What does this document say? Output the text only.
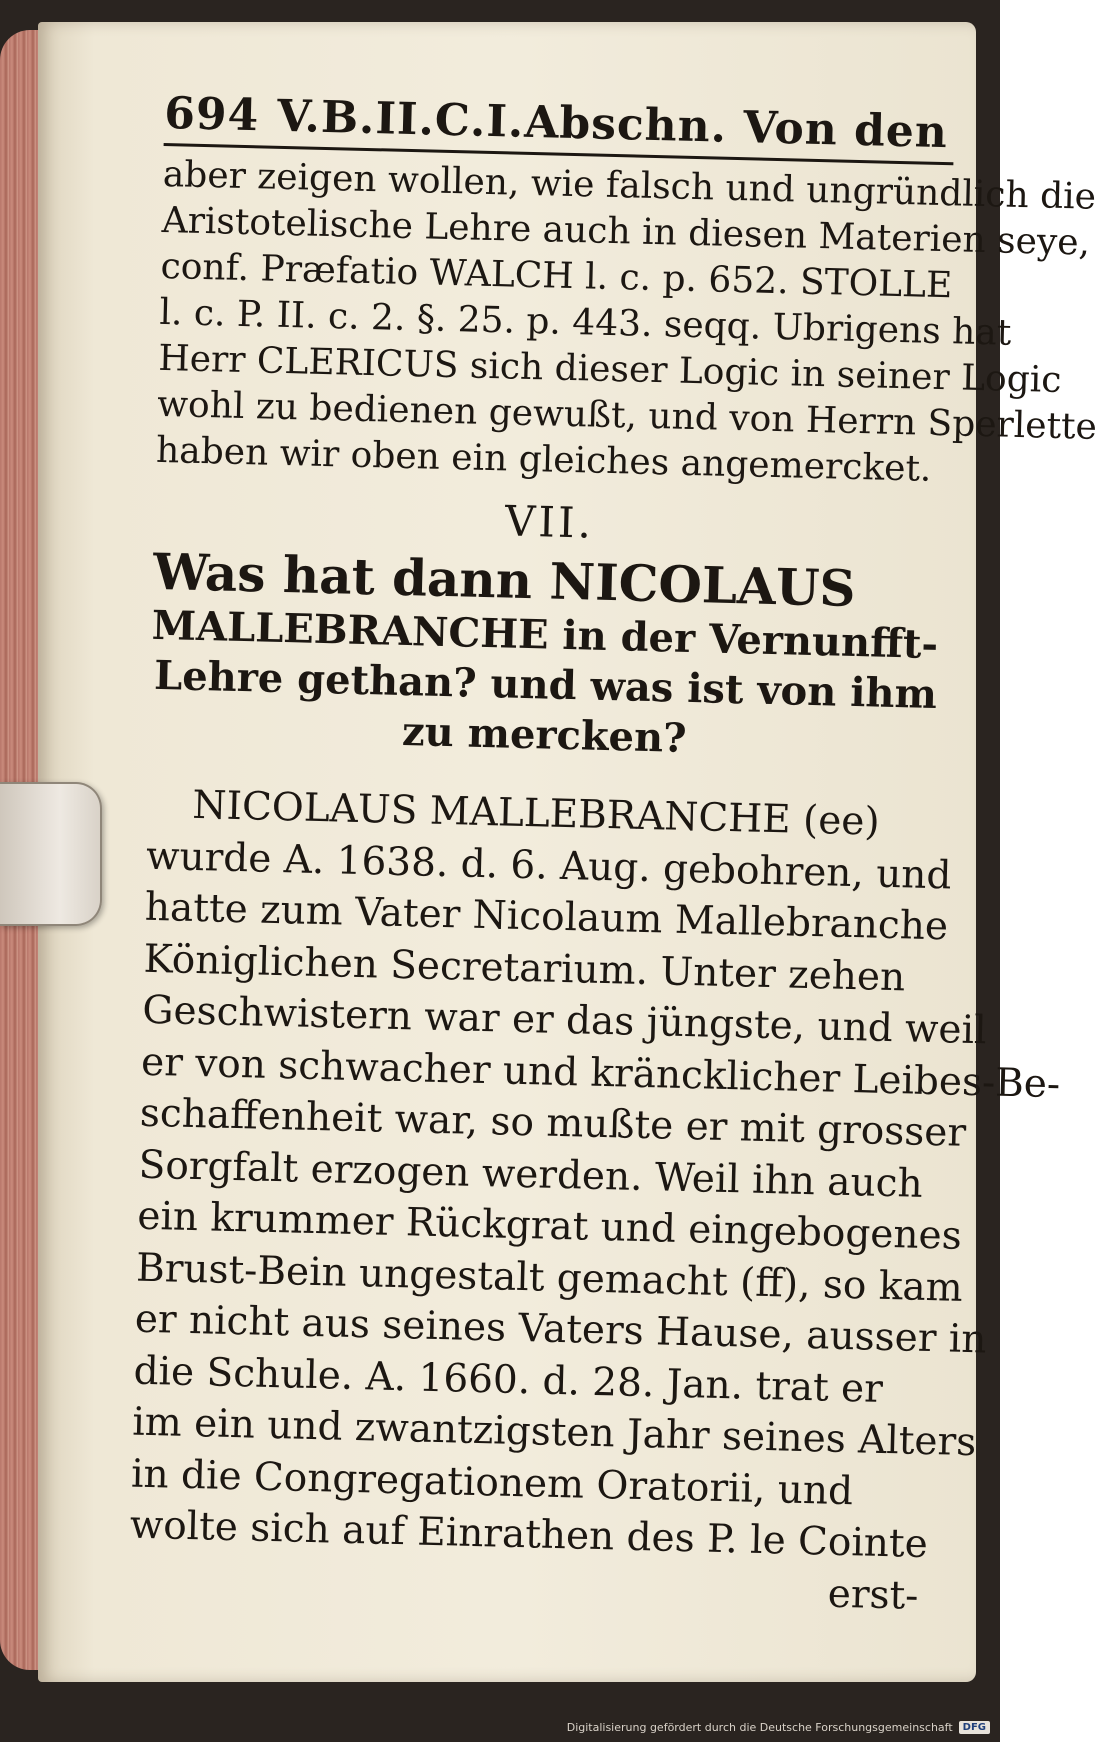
694 V.B.II.C.I.Abschn. Von den
aber zeigen wollen, wie falsch und ungründlich die
Aristotelische Lehre auch in diesen Materien seye,
conf. Præfatio WALCH l. c. p. 652. STOLLE
l. c. P. II. c. 2. §. 25. p. 443. seqq. Ubrigens hat
Herr CLERICUS sich dieser Logic in seiner Logic
wohl zu bedienen gewußt, und von Herrn Sperlette
haben wir oben ein gleiches angemercket.
VII.
Was hat dann NICOLAUS
MALLEBRANCHE in der Vernunfft-
Lehre gethan? und was ist von ihm
zu mercken?
NICOLAUS MALLEBRANCHE (ee)
wurde A. 1638. d. 6. Aug. gebohren, und
hatte zum Vater Nicolaum Mallebranche
Königlichen Secretarium. Unter zehen
Geschwistern war er das jüngste, und weil
er von schwacher und kräncklicher Leibes-Be-
schaffenheit war, so mußte er mit grosser
Sorgfalt erzogen werden. Weil ihn auch
ein krummer Rückgrat und eingebogenes
Brust-Bein ungestalt gemacht (ff), so kam
er nicht aus seines Vaters Hause, ausser in
die Schule. A. 1660. d. 28. Jan. trat er
im ein und zwantzigsten Jahr seines Alters
in die Congregationem Oratorii, und
wolte sich auf Einrathen des P. le Cointe
erst-
Digitalisierung gefördert durch die Deutsche Forschungsgemeinschaft	DFG
